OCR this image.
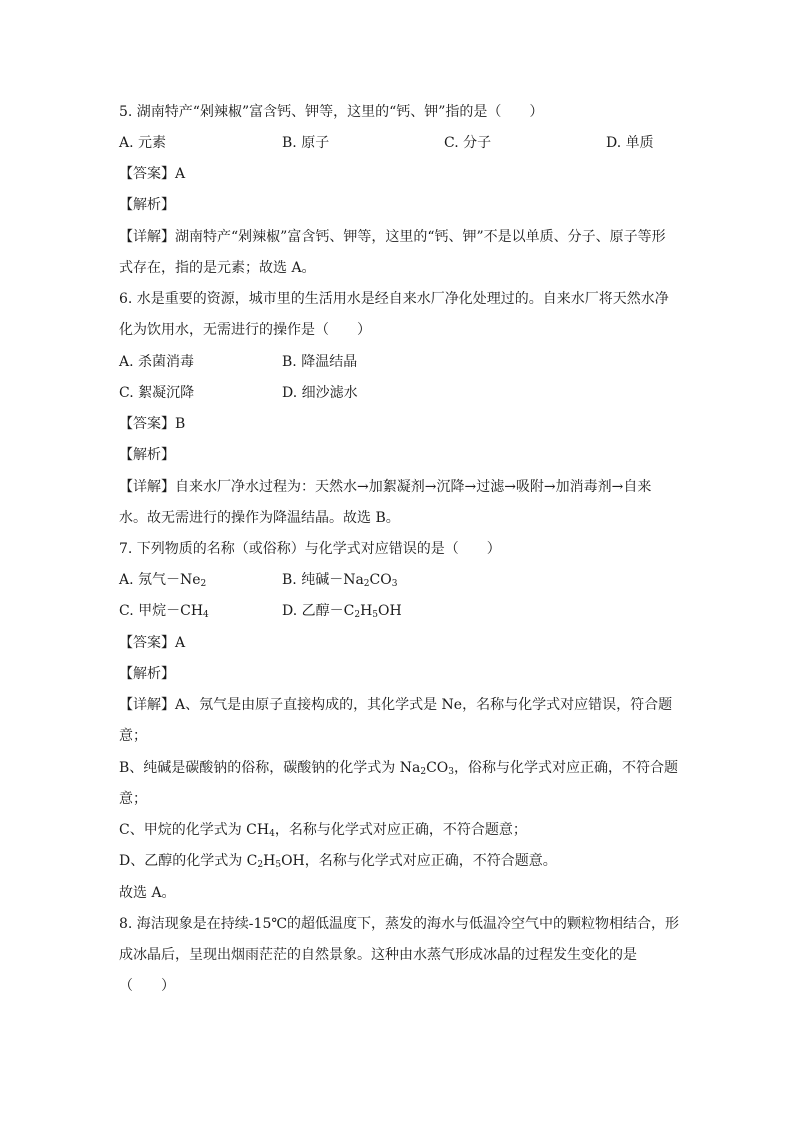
5. 湖南特产“剁辣椒”富含钙、钾等，这里的“钙、钾”指的是（　　）
A. 元素	B. 原子	C. 分子	D. 单质
【答案】A
【解析】
【详解】湖南特产“剁辣椒”富含钙、钾等，这里的“钙、钾”不是以单质、分子、原子等形
式存在，指的是元素；故选 A。
6. 水是重要的资源，城市里的生活用水是经自来水厂净化处理过的。自来水厂将天然水净
化为饮用水，无需进行的操作是（　　）
A. 杀菌消毒	B. 降温结晶
C. 絮凝沉降	D. 细沙滤水
【答案】B
【解析】
【详解】自来水厂净水过程为：天然水→加絮凝剂→沉降→过滤→吸附→加消毒剂→自来
水。故无需进行的操作为降温结晶。故选 B。
7. 下列物质的名称（或俗称）与化学式对应错误的是（　　）
A. 氖气$-Ne_2$	B. 纯碱$-Na_2CO_3$
C. 甲烷$-CH_4$	D. 乙醇$-C_2H_5OH$
【答案】A
【解析】
【详解】A、氖气是由原子直接构成的，其化学式是 Ne，名称与化学式对应错误，符合题
意；
B、纯碱是碳酸钠的俗称，碳酸钠的化学式为 $Na_2CO_3$，俗称与化学式对应正确，不符合题
意；
C、甲烷的化学式为 $CH_4$，名称与化学式对应正确，不符合题意；
D、乙醇的化学式为 $C_2H_5OH$，名称与化学式对应正确，不符合题意。
故选 A。
8. 海洁现象是在持续-15℃的超低温度下，蒸发的海水与低温冷空气中的颗粒物相结合，形
成冰晶后，呈现出烟雨茫茫的自然景象。这种由水蒸气形成冰晶的过程发生变化的是
（　　）
